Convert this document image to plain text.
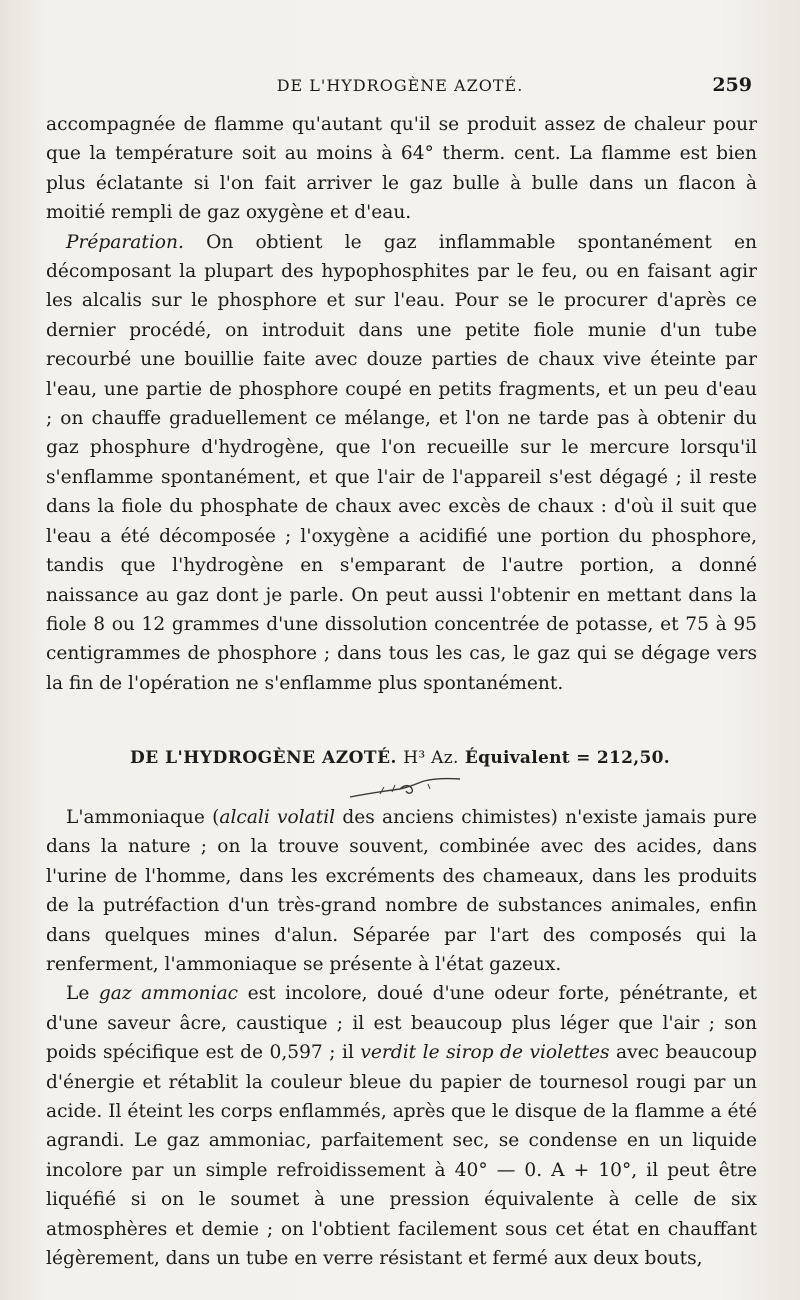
DE L'HYDROGÈNE AZOTÉ.	259

accompagnée de flamme qu'autant qu'il se produit assez de chaleur pour que la température soit au moins à 64° therm. cent. La flamme est bien plus éclatante si l'on fait arriver le gaz bulle à bulle dans un flacon à moitié rempli de gaz oxygène et d'eau.

Préparation. On obtient le gaz inflammable spontanément en décomposant la plupart des hypophosphites par le feu, ou en faisant agir les alcalis sur le phosphore et sur l'eau. Pour se le procurer d'après ce dernier procédé, on introduit dans une petite fiole munie d'un tube recourbé une bouillie faite avec douze parties de chaux vive éteinte par l'eau, une partie de phosphore coupé en petits fragments, et un peu d'eau ; on chauffe graduellement ce mélange, et l'on ne tarde pas à obtenir du gaz phosphure d'hydrogène, que l'on recueille sur le mercure lorsqu'il s'enflamme spontanément, et que l'air de l'appareil s'est dégagé ; il reste dans la fiole du phosphate de chaux avec excès de chaux : d'où il suit que l'eau a été décomposée ; l'oxygène a acidifié une portion du phosphore, tandis que l'hydrogène en s'emparant de l'autre portion, a donné naissance au gaz dont je parle. On peut aussi l'obtenir en mettant dans la fiole 8 ou 12 grammes d'une dissolution concentrée de potasse, et 75 à 95 centigrammes de phosphore ; dans tous les cas, le gaz qui se dégage vers la fin de l'opération ne s'enflamme plus spontanément.

DE L'HYDROGÈNE AZOTÉ. H³ Az. Équivalent = 212,50.

L'ammoniaque (alcali volatil des anciens chimistes) n'existe jamais pure dans la nature ; on la trouve souvent, combinée avec des acides, dans l'urine de l'homme, dans les excréments des chameaux, dans les produits de la putréfaction d'un très-grand nombre de substances animales, enfin dans quelques mines d'alun. Séparée par l'art des composés qui la renferment, l'ammoniaque se présente à l'état gazeux.

Le gaz ammoniac est incolore, doué d'une odeur forte, pénétrante, et d'une saveur âcre, caustique ; il est beaucoup plus léger que l'air ; son poids spécifique est de 0,597 ; il verdit le sirop de violettes avec beaucoup d'énergie et rétablit la couleur bleue du papier de tournesol rougi par un acide. Il éteint les corps enflammés, après que le disque de la flamme a été agrandi. Le gaz ammoniac, parfaitement sec, se condense en un liquide incolore par un simple refroidissement à 40° — 0. A + 10°, il peut être liquéfié si on le soumet à une pression équivalente à celle de six atmosphères et demie ; on l'obtient facilement sous cet état en chauffant légèrement, dans un tube en verre résistant et fermé aux deux bouts,
